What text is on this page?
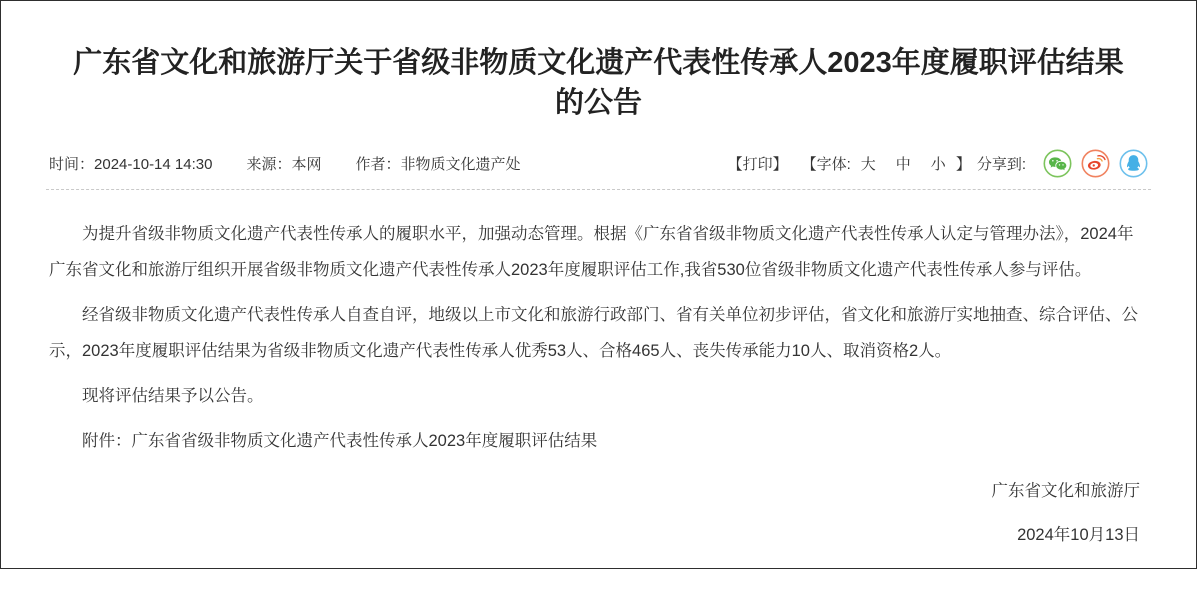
广东省文化和旅游厅关于省级非物质文化遗产代表性传承人2023年度履职评估结果的公告
时间：2024-10-14 14:30 来源：本网 作者：非物质文化遗产处	【打印】 【字体: 大 中 小 】 分享到:

为提升省级非物质文化遗产代表性传承人的履职水平，加强动态管理。根据《广东省省级非物质文化遗产代表性传承人认定与管理办法》，2024年广东省文化和旅游厅组织开展省级非物质文化遗产代表性传承人2023年度履职评估工作,我省530位省级非物质文化遗产代表性传承人参与评估。

经省级非物质文化遗产代表性传承人自查自评，地级以上市文化和旅游行政部门、省有关单位初步评估，省文化和旅游厅实地抽查、综合评估、公示，2023年度履职评估结果为省级非物质文化遗产代表性传承人优秀53人、合格465人、丧失传承能力10人、取消资格2人。

现将评估结果予以公告。

附件：广东省省级非物质文化遗产代表性传承人2023年度履职评估结果

广东省文化和旅游厅
2024年10月13日
